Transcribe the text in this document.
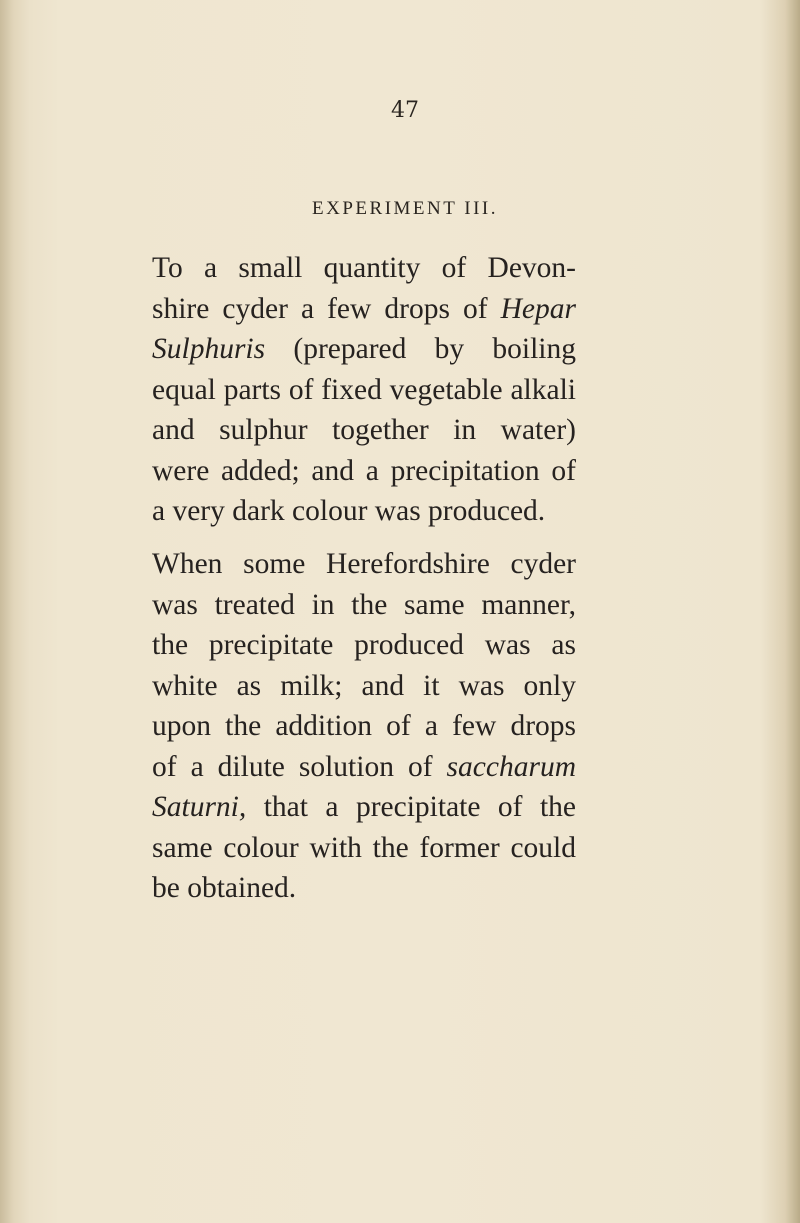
47
EXPERIMENT III.
To a small quantity of Devon-
shire cyder a few drops of Hepar
Sulphuris (prepared by boiling
equal parts of fixed vegetable alkali
and sulphur together in water)
were added; and a precipitation of
a very dark colour was produced.
When some Herefordshire cyder
was treated in the same manner,
the precipitate produced was as
white as milk; and it was only
upon the addition of a few drops
of a dilute solution of saccharum
Saturni, that a precipitate of the
same colour with the former could
be obtained.
